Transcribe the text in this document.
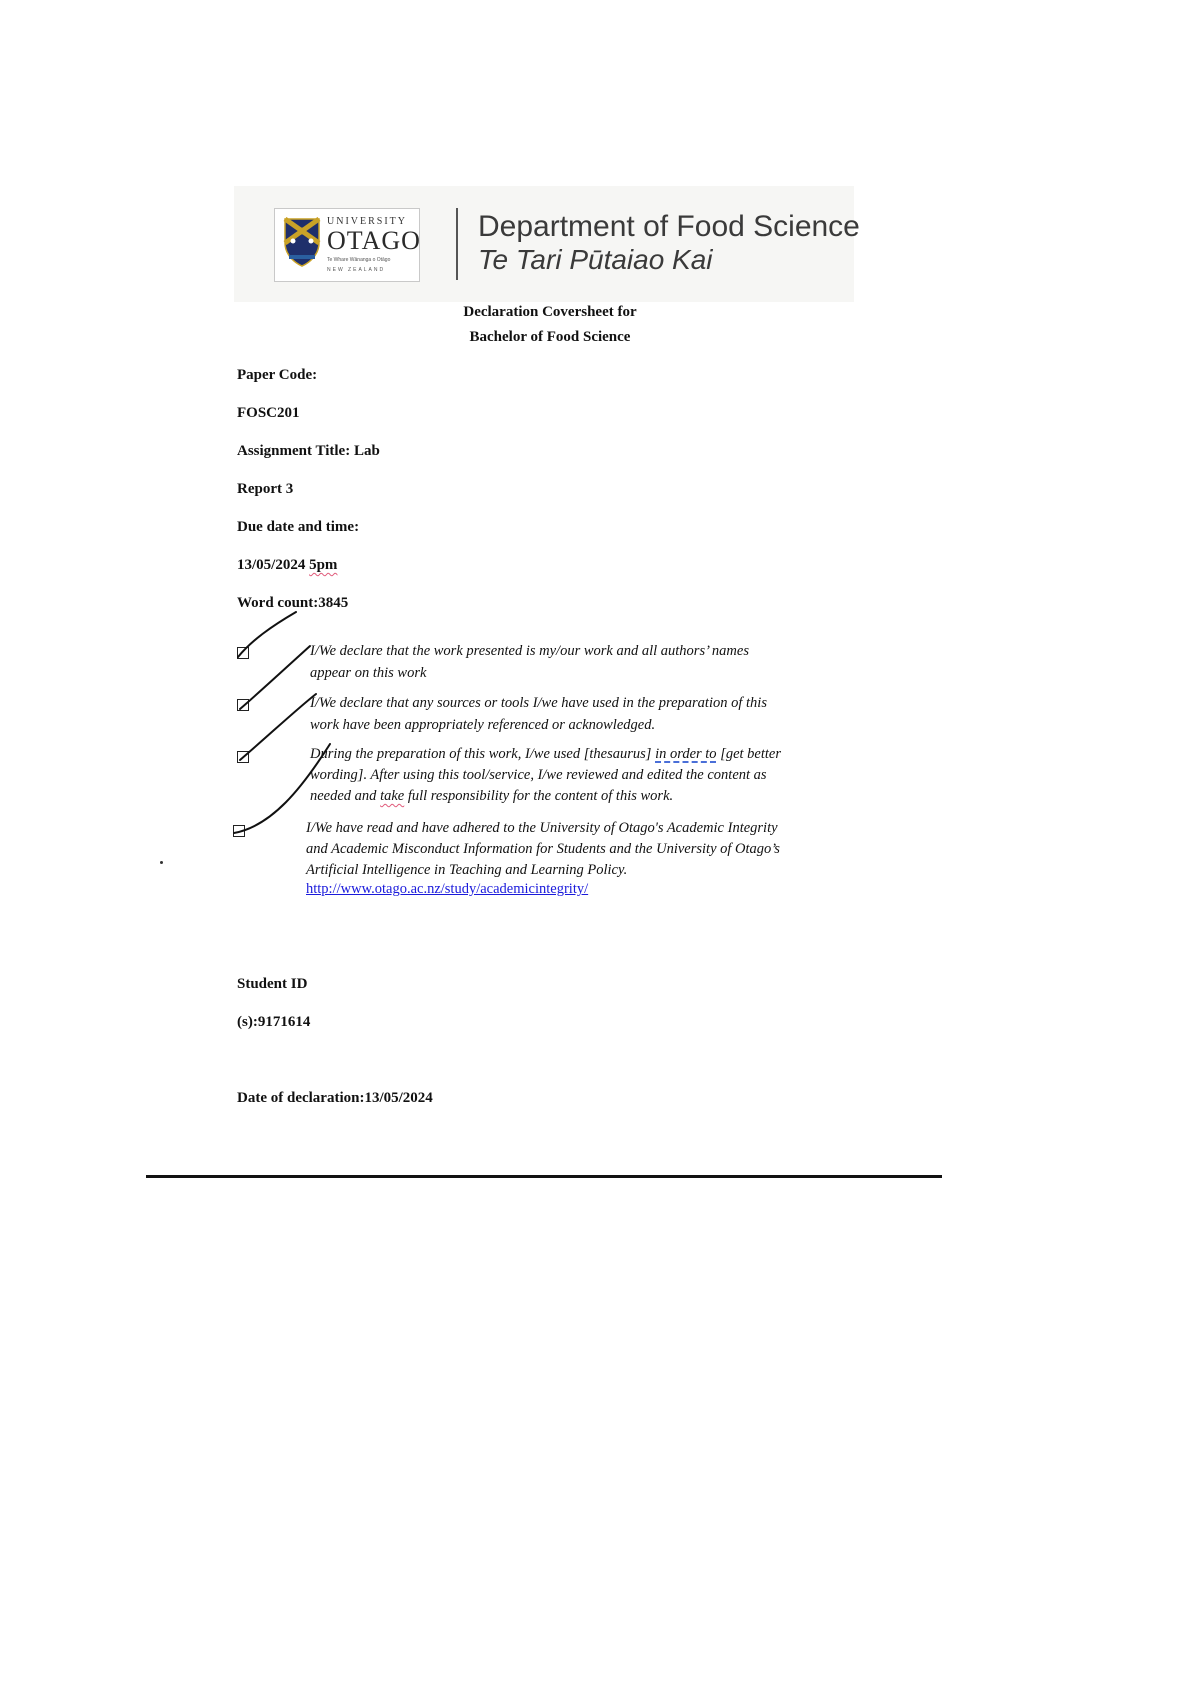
UNIVERSITY
OTAGO
Te Whare Wānanga o Otāgo
NEW ZEALAND
Department of Food Science
Te Tari Pūtaiao Kai
Declaration Coversheet for
Bachelor of Food Science
Paper Code:
FOSC201
Assignment Title: Lab
Report 3
Due date and time:
13/05/2024 5pm
Word count:3845
I/We declare that the work presented is my/our work and all authors’ names
appear on this work
I/We declare that any sources or tools I/we have used in the preparation of this
work have been appropriately referenced or acknowledged.
During the preparation of this work, I/we used [thesaurus] in order to [get better
wording]. After using this tool/service, I/we reviewed and edited the content as
needed and take full responsibility for the content of this work.
I/We have read and have adhered to the University of Otago's Academic Integrity
and Academic Misconduct Information for Students and the University of Otago’s
Artificial Intelligence in Teaching and Learning Policy.
http://www.otago.ac.nz/study/academicintegrity/
Student ID
(s):9171614
Date of declaration:13/05/2024
